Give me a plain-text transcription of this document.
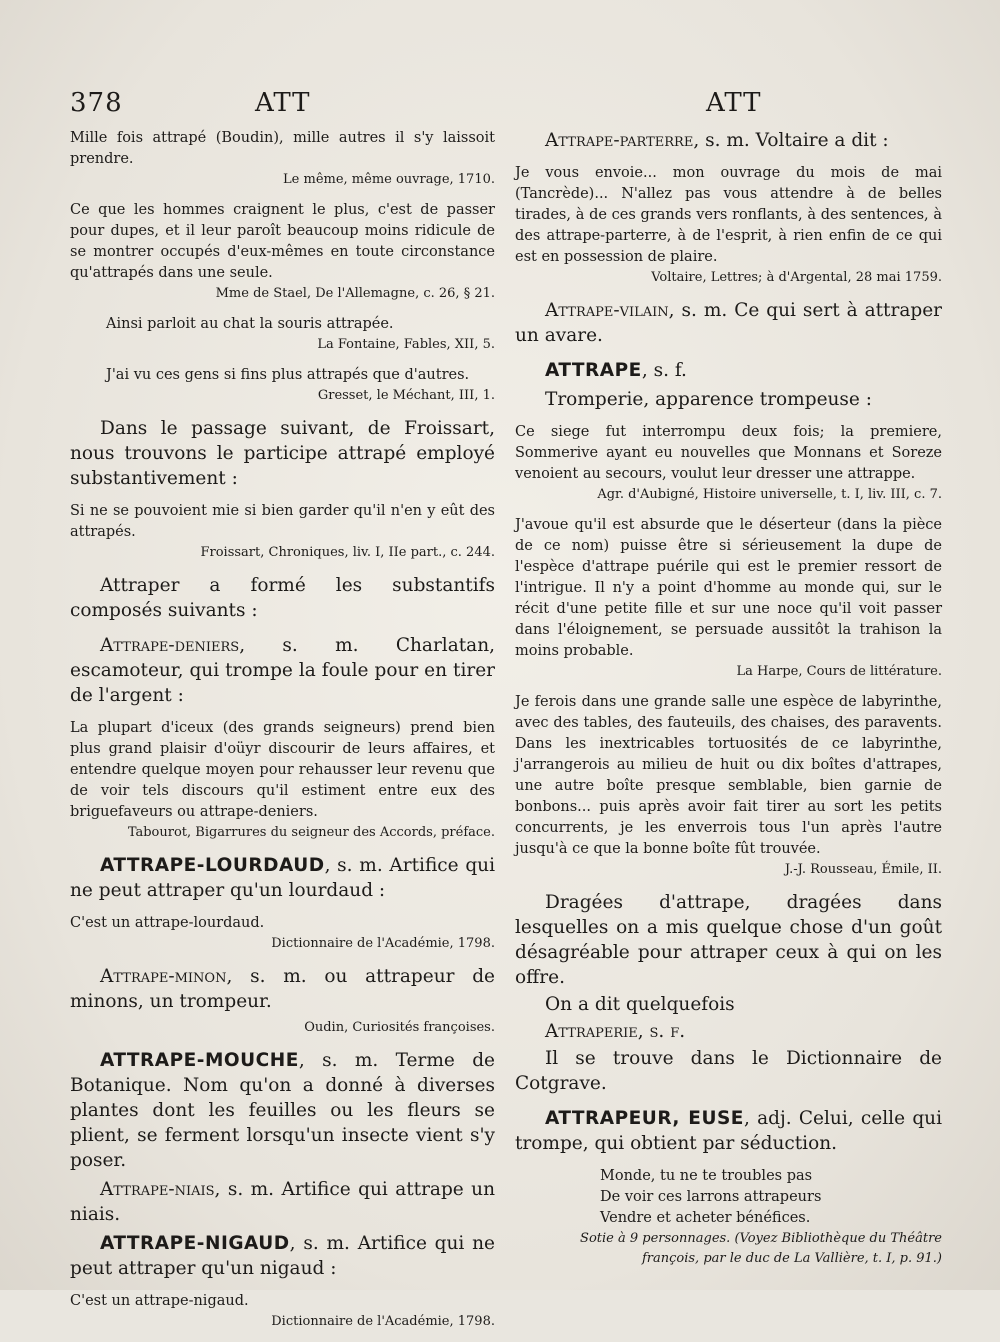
378	ATT	ATT

Mille fois attrapé (Boudin), mille autres il s'y laissoit prendre.

Le même, même ouvrage, 1710.

Ce que les hommes craignent le plus, c'est de passer pour dupes, et il leur paroît beaucoup moins ridicule de se montrer occupés d'eux-mêmes en toute circonstance qu'attrapés dans une seule.

Mme de Stael, De l'Allemagne, c. 26, § 21.

Ainsi parloit au chat la souris attrapée.

La Fontaine, Fables, XII, 5.

J'ai vu ces gens si fins plus attrapés que d'autres.

Gresset, le Méchant, III, 1.

Dans le passage suivant, de Froissart, nous trouvons le participe attrapé employé substantivement :

Si ne se pouvoient mie si bien garder qu'il n'en y eût des attrapés.

Froissart, Chroniques, liv. I, IIe part., c. 244.

Attraper a formé les substantifs composés suivants :

Attrape-deniers, s. m. Charlatan, escamoteur, qui trompe la foule pour en tirer de l'argent :

La plupart d'iceux (des grands seigneurs) prend bien plus grand plaisir d'oüyr discourir de leurs affaires, et entendre quelque moyen pour rehausser leur revenu que de voir tels discours qu'il estiment entre eux des briguefaveurs ou attrape-deniers.

Tabourot, Bigarrures du seigneur des Accords, préface.

ATTRAPE-LOURDAUD, s. m. Artifice qui ne peut attraper qu'un lourdaud :

C'est un attrape-lourdaud.

Dictionnaire de l'Académie, 1798.

Attrape-minon, s. m. ou attrapeur de minons, un trompeur.

Oudin, Curiosités françoises.

ATTRAPE-MOUCHE, s. m. Terme de Botanique. Nom qu'on a donné à diverses plantes dont les feuilles ou les fleurs se plient, se ferment lorsqu'un insecte vient s'y poser.

Attrape-niais, s. m. Artifice qui attrape un niais.

ATTRAPE-NIGAUD, s. m. Artifice qui ne peut attraper qu'un nigaud :

C'est un attrape-nigaud.

Dictionnaire de l'Académie, 1798.

Attrape-parterre, s. m. Voltaire a dit :

Je vous envoie... mon ouvrage du mois de mai (Tancrède)... N'allez pas vous attendre à de belles tirades, à de ces grands vers ronflants, à des sentences, à des attrape-parterre, à de l'esprit, à rien enfin de ce qui est en possession de plaire.

Voltaire, Lettres; à d'Argental, 28 mai 1759.

Attrape-vilain, s. m. Ce qui sert à attraper un avare.

ATTRAPE, s. f.

Tromperie, apparence trompeuse :

Ce siege fut interrompu deux fois; la premiere, Sommerive ayant eu nouvelles que Monnans et Soreze venoient au secours, voulut leur dresser une attrappe.

Agr. d'Aubigné, Histoire universelle, t. I, liv. III, c. 7.

J'avoue qu'il est absurde que le déserteur (dans la pièce de ce nom) puisse être si sérieusement la dupe de l'espèce d'attrape puérile qui est le premier ressort de l'intrigue. Il n'y a point d'homme au monde qui, sur le récit d'une petite fille et sur une noce qu'il voit passer dans l'éloignement, se persuade aussitôt la trahison la moins probable.

La Harpe, Cours de littérature.

Je ferois dans une grande salle une espèce de labyrinthe, avec des tables, des fauteuils, des chaises, des paravents. Dans les inextricables tortuosités de ce labyrinthe, j'arrangerois au milieu de huit ou dix boîtes d'attrapes, une autre boîte presque semblable, bien garnie de bonbons... puis après avoir fait tirer au sort les petits concurrents, je les enverrois tous l'un après l'autre jusqu'à ce que la bonne boîte fût trouvée.

J.-J. Rousseau, Émile, II.

Dragées d'attrape, dragées dans lesquelles on a mis quelque chose d'un goût désagréable pour attraper ceux à qui on les offre.

On a dit quelquefois

Attraperie, s. f.

Il se trouve dans le Dictionnaire de Cotgrave.

ATTRAPEUR, EUSE, adj. Celui, celle qui trompe, qui obtient par séduction.

Monde, tu ne te troubles pas
De voir ces larrons attrapeurs
Vendre et acheter bénéfices.

Sotie à 9 personnages. (Voyez Bibliothèque du Théâtre françois, par le duc de La Vallière, t. I, p. 91.)
